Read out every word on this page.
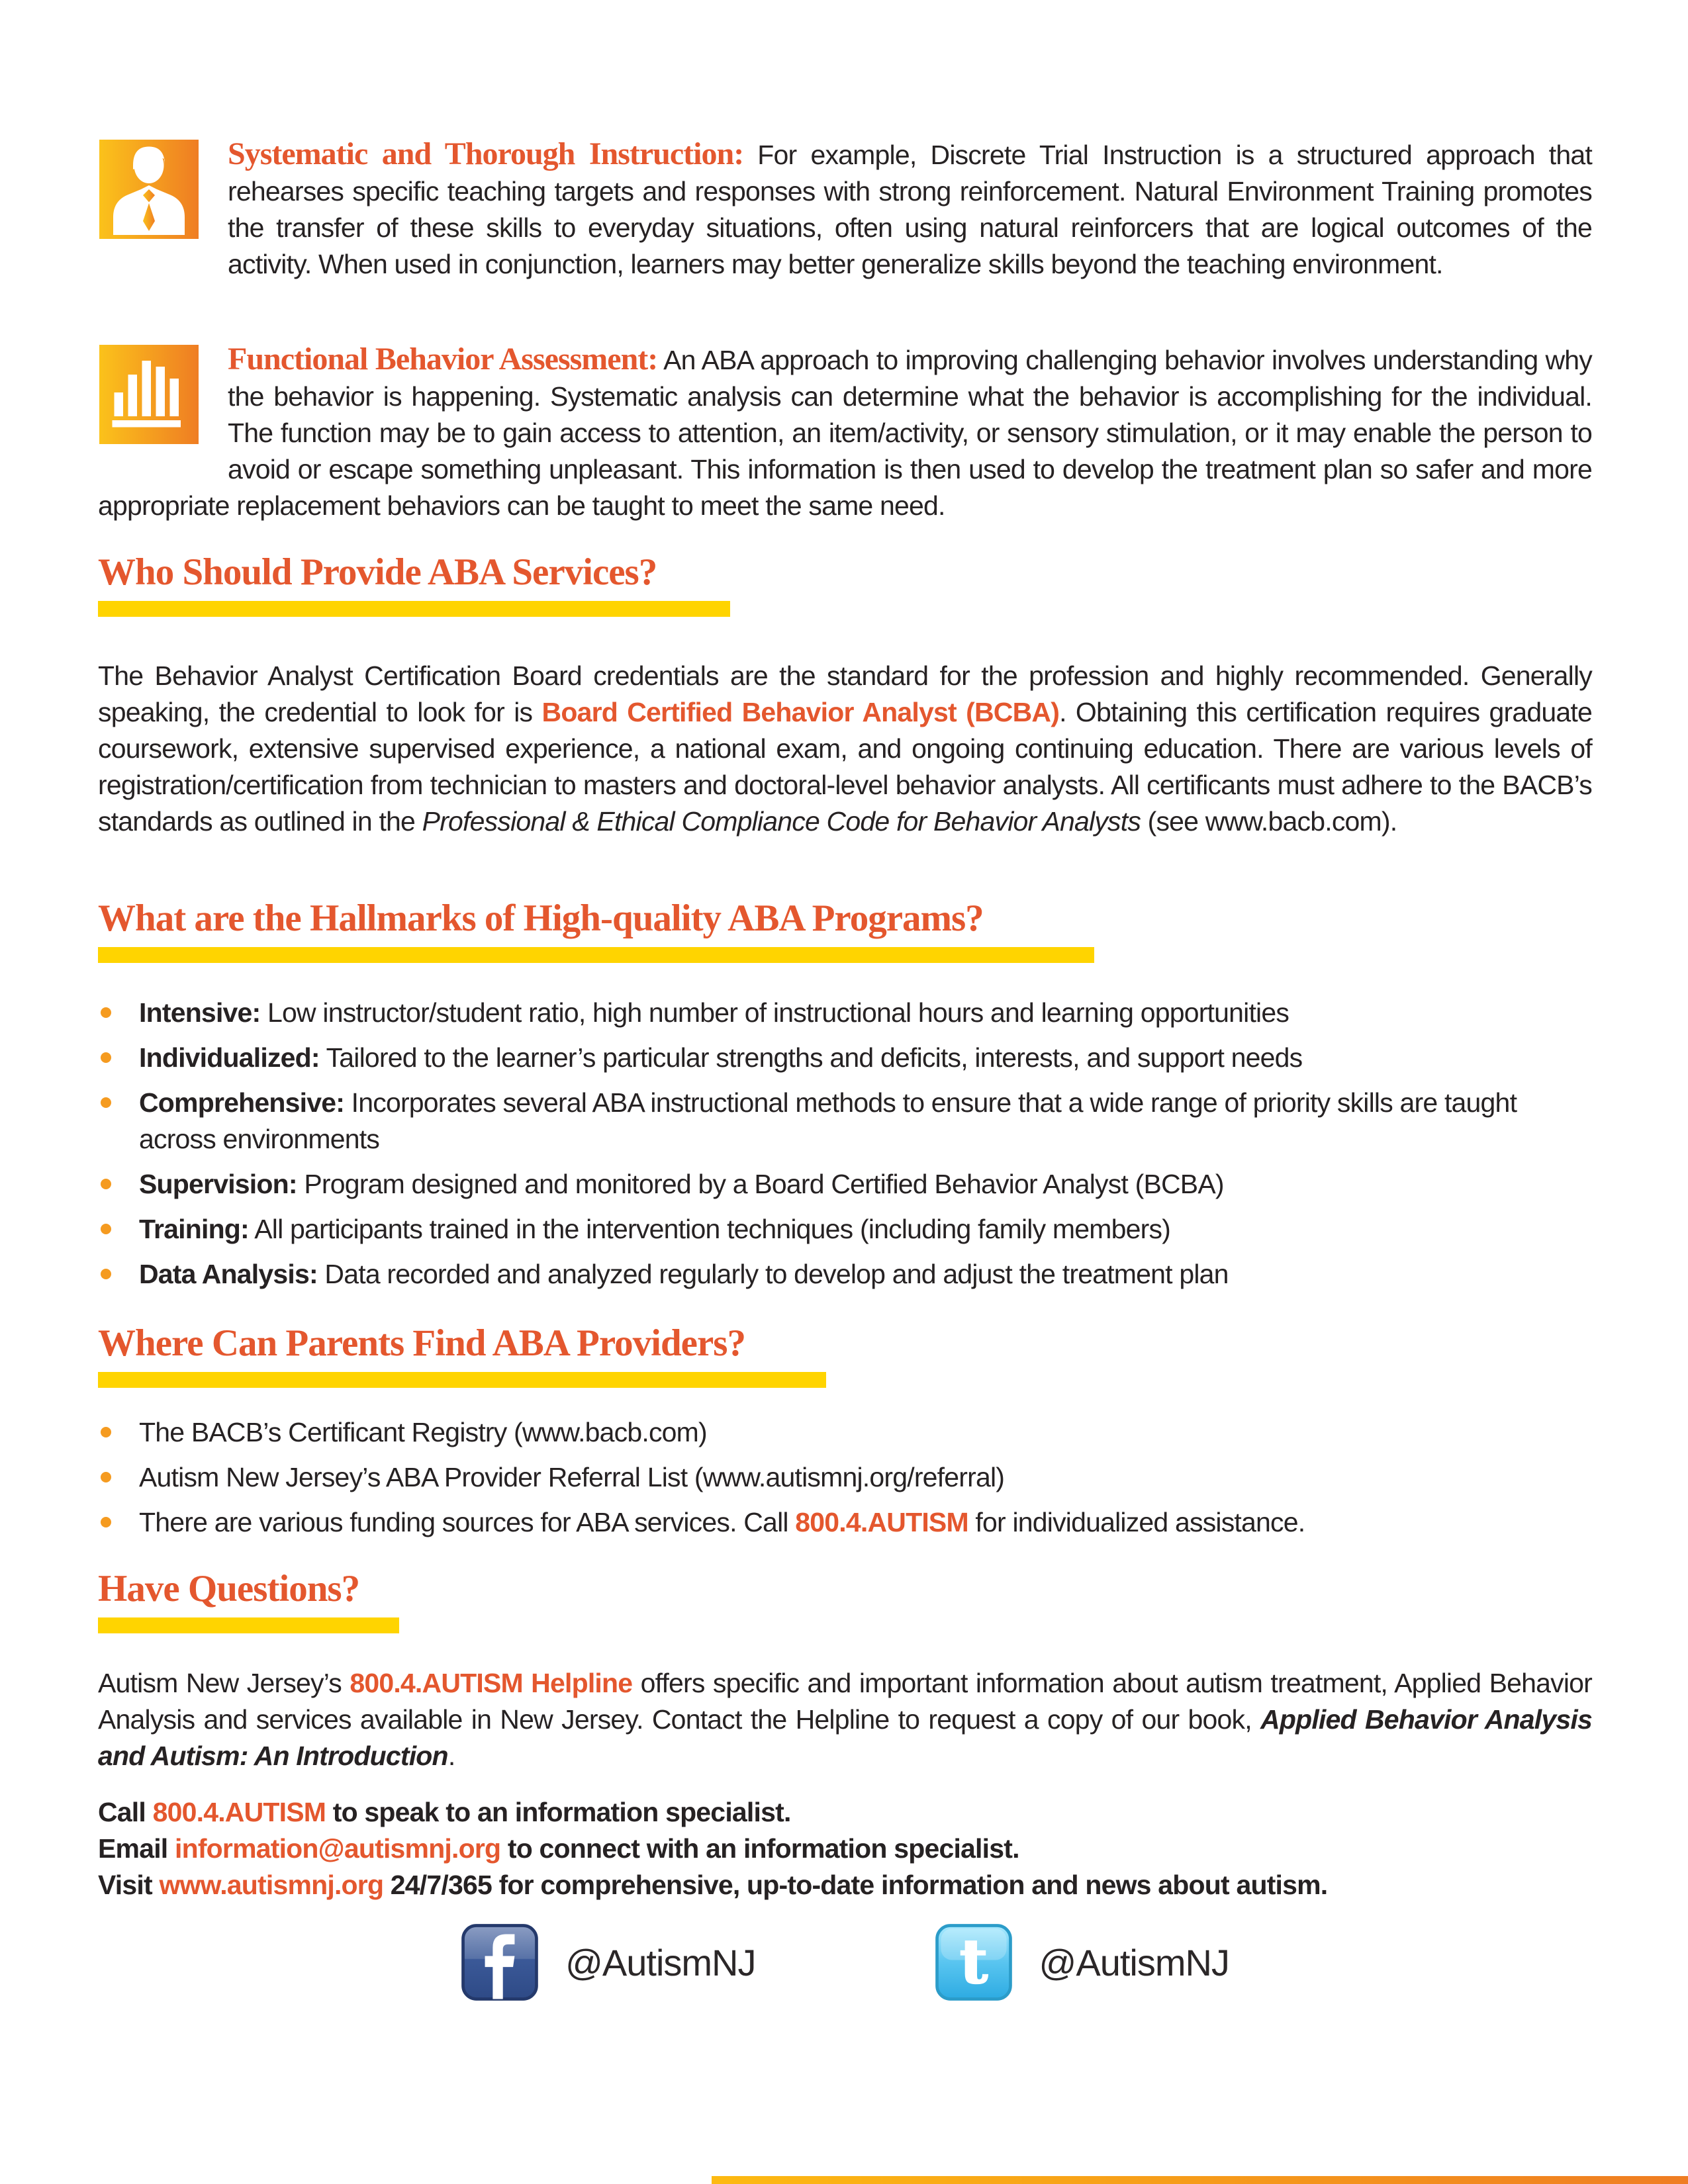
Systematic and Thorough Instruction: For example, Discrete Trial Instruction is a structured approach that rehearses specific teaching targets and responses with strong reinforcement. Natural Environment Training promotes the transfer of these skills to everyday situations, often using natural reinforcers that are logical outcomes of the activity. When used in conjunction, learners may better generalize skills beyond the teaching environment.

Functional Behavior Assessment: An ABA approach to improving challenging behavior involves understanding why the behavior is happening. Systematic analysis can determine what the behavior is accomplishing for the individual. The function may be to gain access to attention, an item/activity, or sensory stimulation, or it may enable the person to avoid or escape something unpleasant. This information is then used to develop the treatment plan so safer and more appropriate replacement behaviors can be taught to meet the same need.

Who Should Provide ABA Services?

The Behavior Analyst Certification Board credentials are the standard for the profession and highly recommended. Generally speaking, the credential to look for is Board Certified Behavior Analyst (BCBA). Obtaining this certification requires graduate coursework, extensive supervised experience, a national exam, and ongoing continuing education. There are various levels of registration/certification from technician to masters and doctoral-level behavior analysts. All certificants must adhere to the BACB’s standards as outlined in the Professional & Ethical Compliance Code for Behavior Analysts (see www.bacb.com).

What are the Hallmarks of High-quality ABA Programs?
Intensive: Low instructor/student ratio, high number of instructional hours and learning opportunities
Individualized: Tailored to the learner’s particular strengths and deficits, interests, and support needs
Comprehensive: Incorporates several ABA instructional methods to ensure that a wide range of priority skills are taught across environments
Supervision: Program designed and monitored by a Board Certified Behavior Analyst (BCBA)
Training: All participants trained in the intervention techniques (including family members)
Data Analysis: Data recorded and analyzed regularly to develop and adjust the treatment plan
Where Can Parents Find ABA Providers?
The BACB’s Certificant Registry (www.bacb.com)
Autism New Jersey’s ABA Provider Referral List (www.autismnj.org/referral)
There are various funding sources for ABA services. Call 800.4.AUTISM for individualized assistance.
Have Questions?

Autism New Jersey’s 800.4.AUTISM Helpline offers specific and important information about autism treatment, Applied Behavior Analysis and services available in New Jersey. Contact the Helpline to request a copy of our book, Applied Behavior Analysis and Autism: An Introduction.

Call 800.4.AUTISM to speak to an information specialist.
Email information@autismnj.org to connect with an information specialist.
Visit www.autismnj.org 24/7/365 for comprehensive, up-to-date information and news about autism.
@AutismNJ	t @AutismNJ
